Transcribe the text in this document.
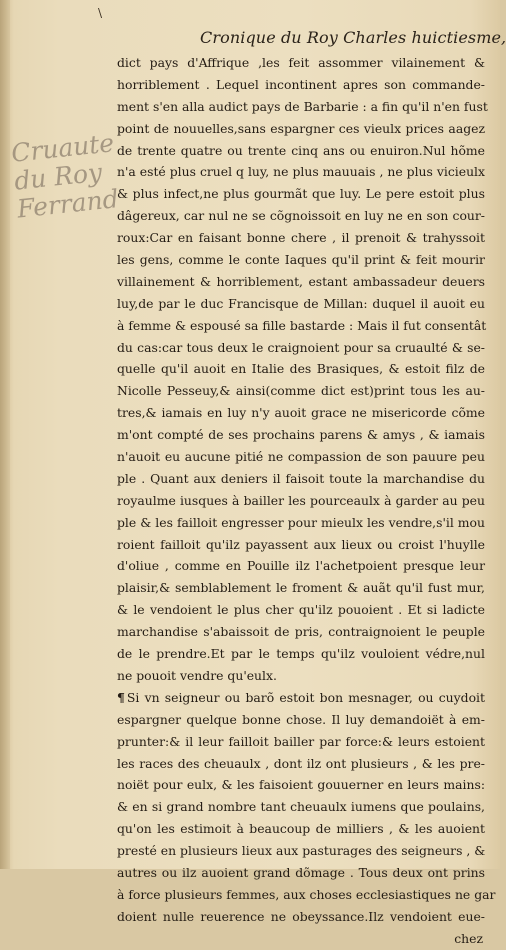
\
Cronique du Roy Charles huictiesme,
Cruaute
du Roy
Ferrand
dict pays d'Affrique ,les feit assommer vilainement &
horriblement . Lequel incontinent apres son commande-
ment s'en alla audict pays de Barbarie : a fin qu'il n'en fust
point de nouuelles,sans espargner ces vieulx prices aagez
de trente quatre ou trente cinq ans ou enuiron.Nul hõme
n'a esté plus cruel q luy, ne plus mauuais , ne plus vicieulx
& plus infect,ne plus gourmãt que luy. Le pere estoit plus
dâgereux, car nul ne se cõgnoissoit en luy ne en son cour-
roux:Car en faisant bonne chere , il prenoit & trahyssoit
les gens, comme le conte Iaques qu'il print & feit mourir
villainement & horriblement, estant ambassadeur deuers
luy,de par le duc Francisque de Millan: duquel il auoit eu
à femme & espousé sa fille bastarde : Mais il fut consentât
du cas:car tous deux le craignoient pour sa cruaulté & se-
quelle qu'il auoit en Italie des Brasiques, & estoit filz de
Nicolle Pesseuy,& ainsi(comme dict est)print tous les au-
tres,& iamais en luy n'y auoit grace ne misericorde cõme
m'ont compté de ses prochains parens & amys , & iamais
n'auoit eu aucune pitié ne compassion de son pauure peu
ple . Quant aux deniers il faisoit toute la marchandise du
royaulme iusques à bailler les pourceaulx à garder au peu
ple & les failloit engresser pour mieulx les vendre,s'il mou
roient failloit qu'ilz payassent aux lieux ou croist l'huylle
d'oliue , comme en Pouille ilz l'achetpoient presque leur
plaisir,& semblablement le froment & auãt qu'il fust mur,
& le vendoient le plus cher qu'ilz pouoient . Et si ladicte
marchandise s'abaissoit de pris, contraignoient le peuple
de le prendre.Et par le temps qu'ilz vouloient védre,nul
ne pouoit vendre qu'eulx.
¶ Si vn seigneur ou barõ estoit bon mesnager, ou cuydoit
espargner quelque bonne chose. Il luy demandoiët à em-
prunter:& il leur failloit bailler par force:& leurs estoient
les races des cheuaulx , dont ilz ont plusieurs , & les pre-
noiët pour eulx, & les faisoient gouuerner en leurs mains:
& en si grand nombre tant cheuaulx iumens que poulains,
qu'on les estimoit à beaucoup de milliers , & les auoient
presté en plusieurs lieux aux pasturages des seigneurs , &
autres ou ilz auoient grand dõmage . Tous deux ont prins
à force plusieurs femmes, aux choses ecclesiastiques ne gar
doient nulle reuerence ne obeyssance.Ilz vendoient eue-
chez
